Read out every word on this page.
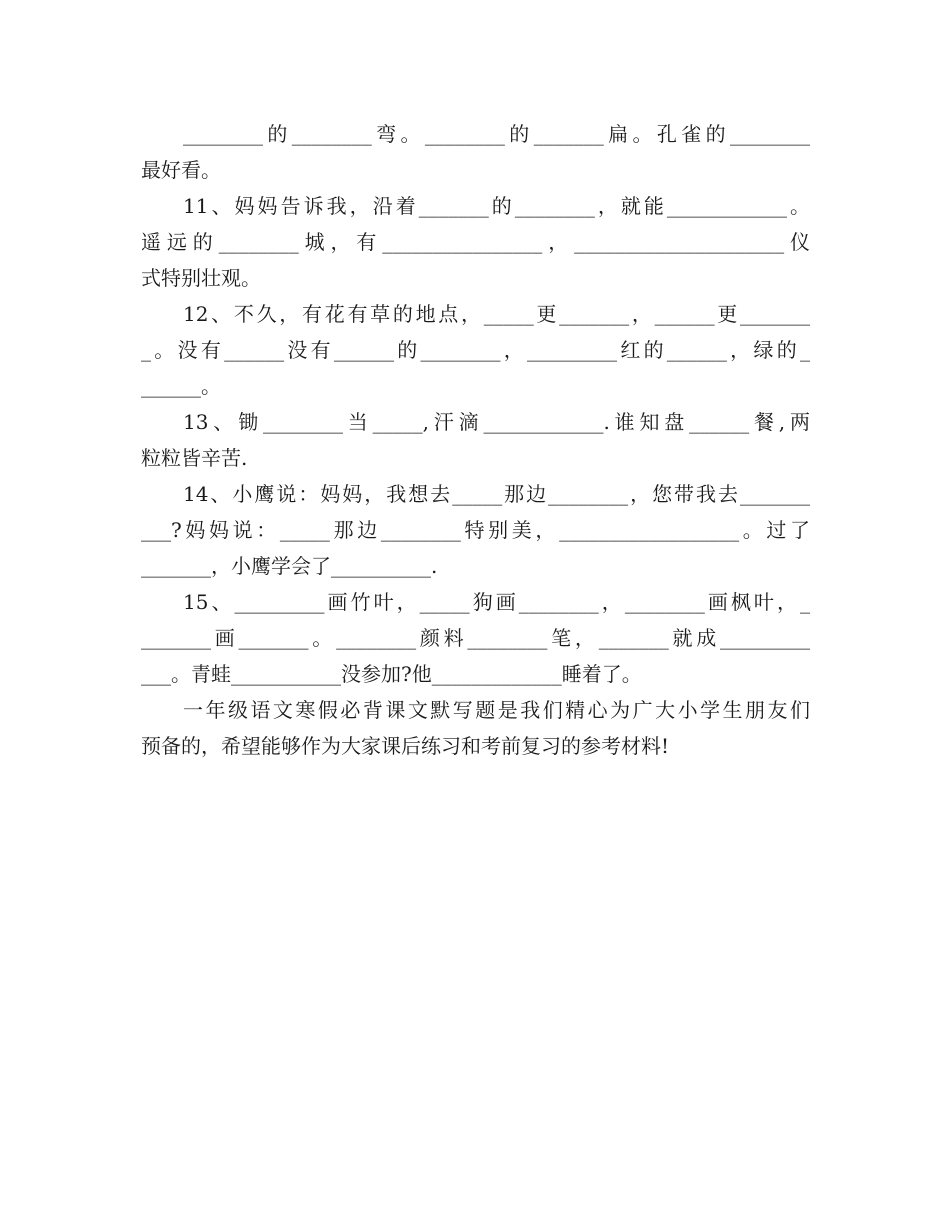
________的________弯。________的_______扁。孔雀的________
最好看。
11、妈妈告诉我，沿着_______的________，就能____________。
遥远的________城，有________________，_____________________仪
式特别壮观。
12、不久，有花有草的地点，_____更_______，______更_______
_。没有______没有______的________，_________红的______，绿的_
______。
13、锄________当_____,汗滴____________.谁知盘______餐,两
粒粒皆辛苦.
14、小鹰说：妈妈，我想去_____那边________，您带我去_______
___?妈妈说：_____那边________特别美，__________________。过了
_______，小鹰学会了__________.
15、_________画竹叶，_____狗画________，________画枫叶，_
_______画_______。________颜料________笔，_______就成_________
___。青蛙___________没参加?他_____________睡着了。
一年级语文寒假必背课文默写题是我们精心为广大小学生朋友们
预备的，希望能够作为大家课后练习和考前复习的参考材料!
